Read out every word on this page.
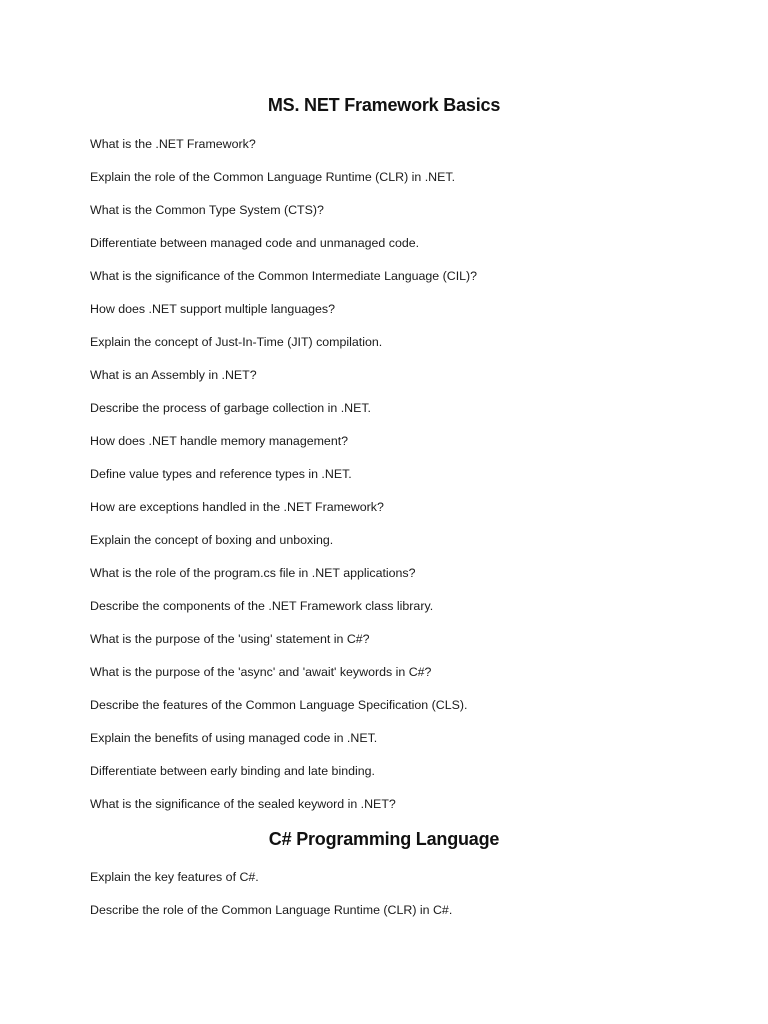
MS. NET Framework Basics
What is the .NET Framework?
Explain the role of the Common Language Runtime (CLR) in .NET.
What is the Common Type System (CTS)?
Differentiate between managed code and unmanaged code.
What is the significance of the Common Intermediate Language (CIL)?
How does .NET support multiple languages?
Explain the concept of Just-In-Time (JIT) compilation.
What is an Assembly in .NET?
Describe the process of garbage collection in .NET.
How does .NET handle memory management?
Define value types and reference types in .NET.
How are exceptions handled in the .NET Framework?
Explain the concept of boxing and unboxing.
What is the role of the program.cs file in .NET applications?
Describe the components of the .NET Framework class library.
What is the purpose of the 'using' statement in C#?
What is the purpose of the 'async' and 'await' keywords in C#?
Describe the features of the Common Language Specification (CLS).
Explain the benefits of using managed code in .NET.
Differentiate between early binding and late binding.
What is the significance of the sealed keyword in .NET?
C# Programming Language
Explain the key features of C#.
Describe the role of the Common Language Runtime (CLR) in C#.
